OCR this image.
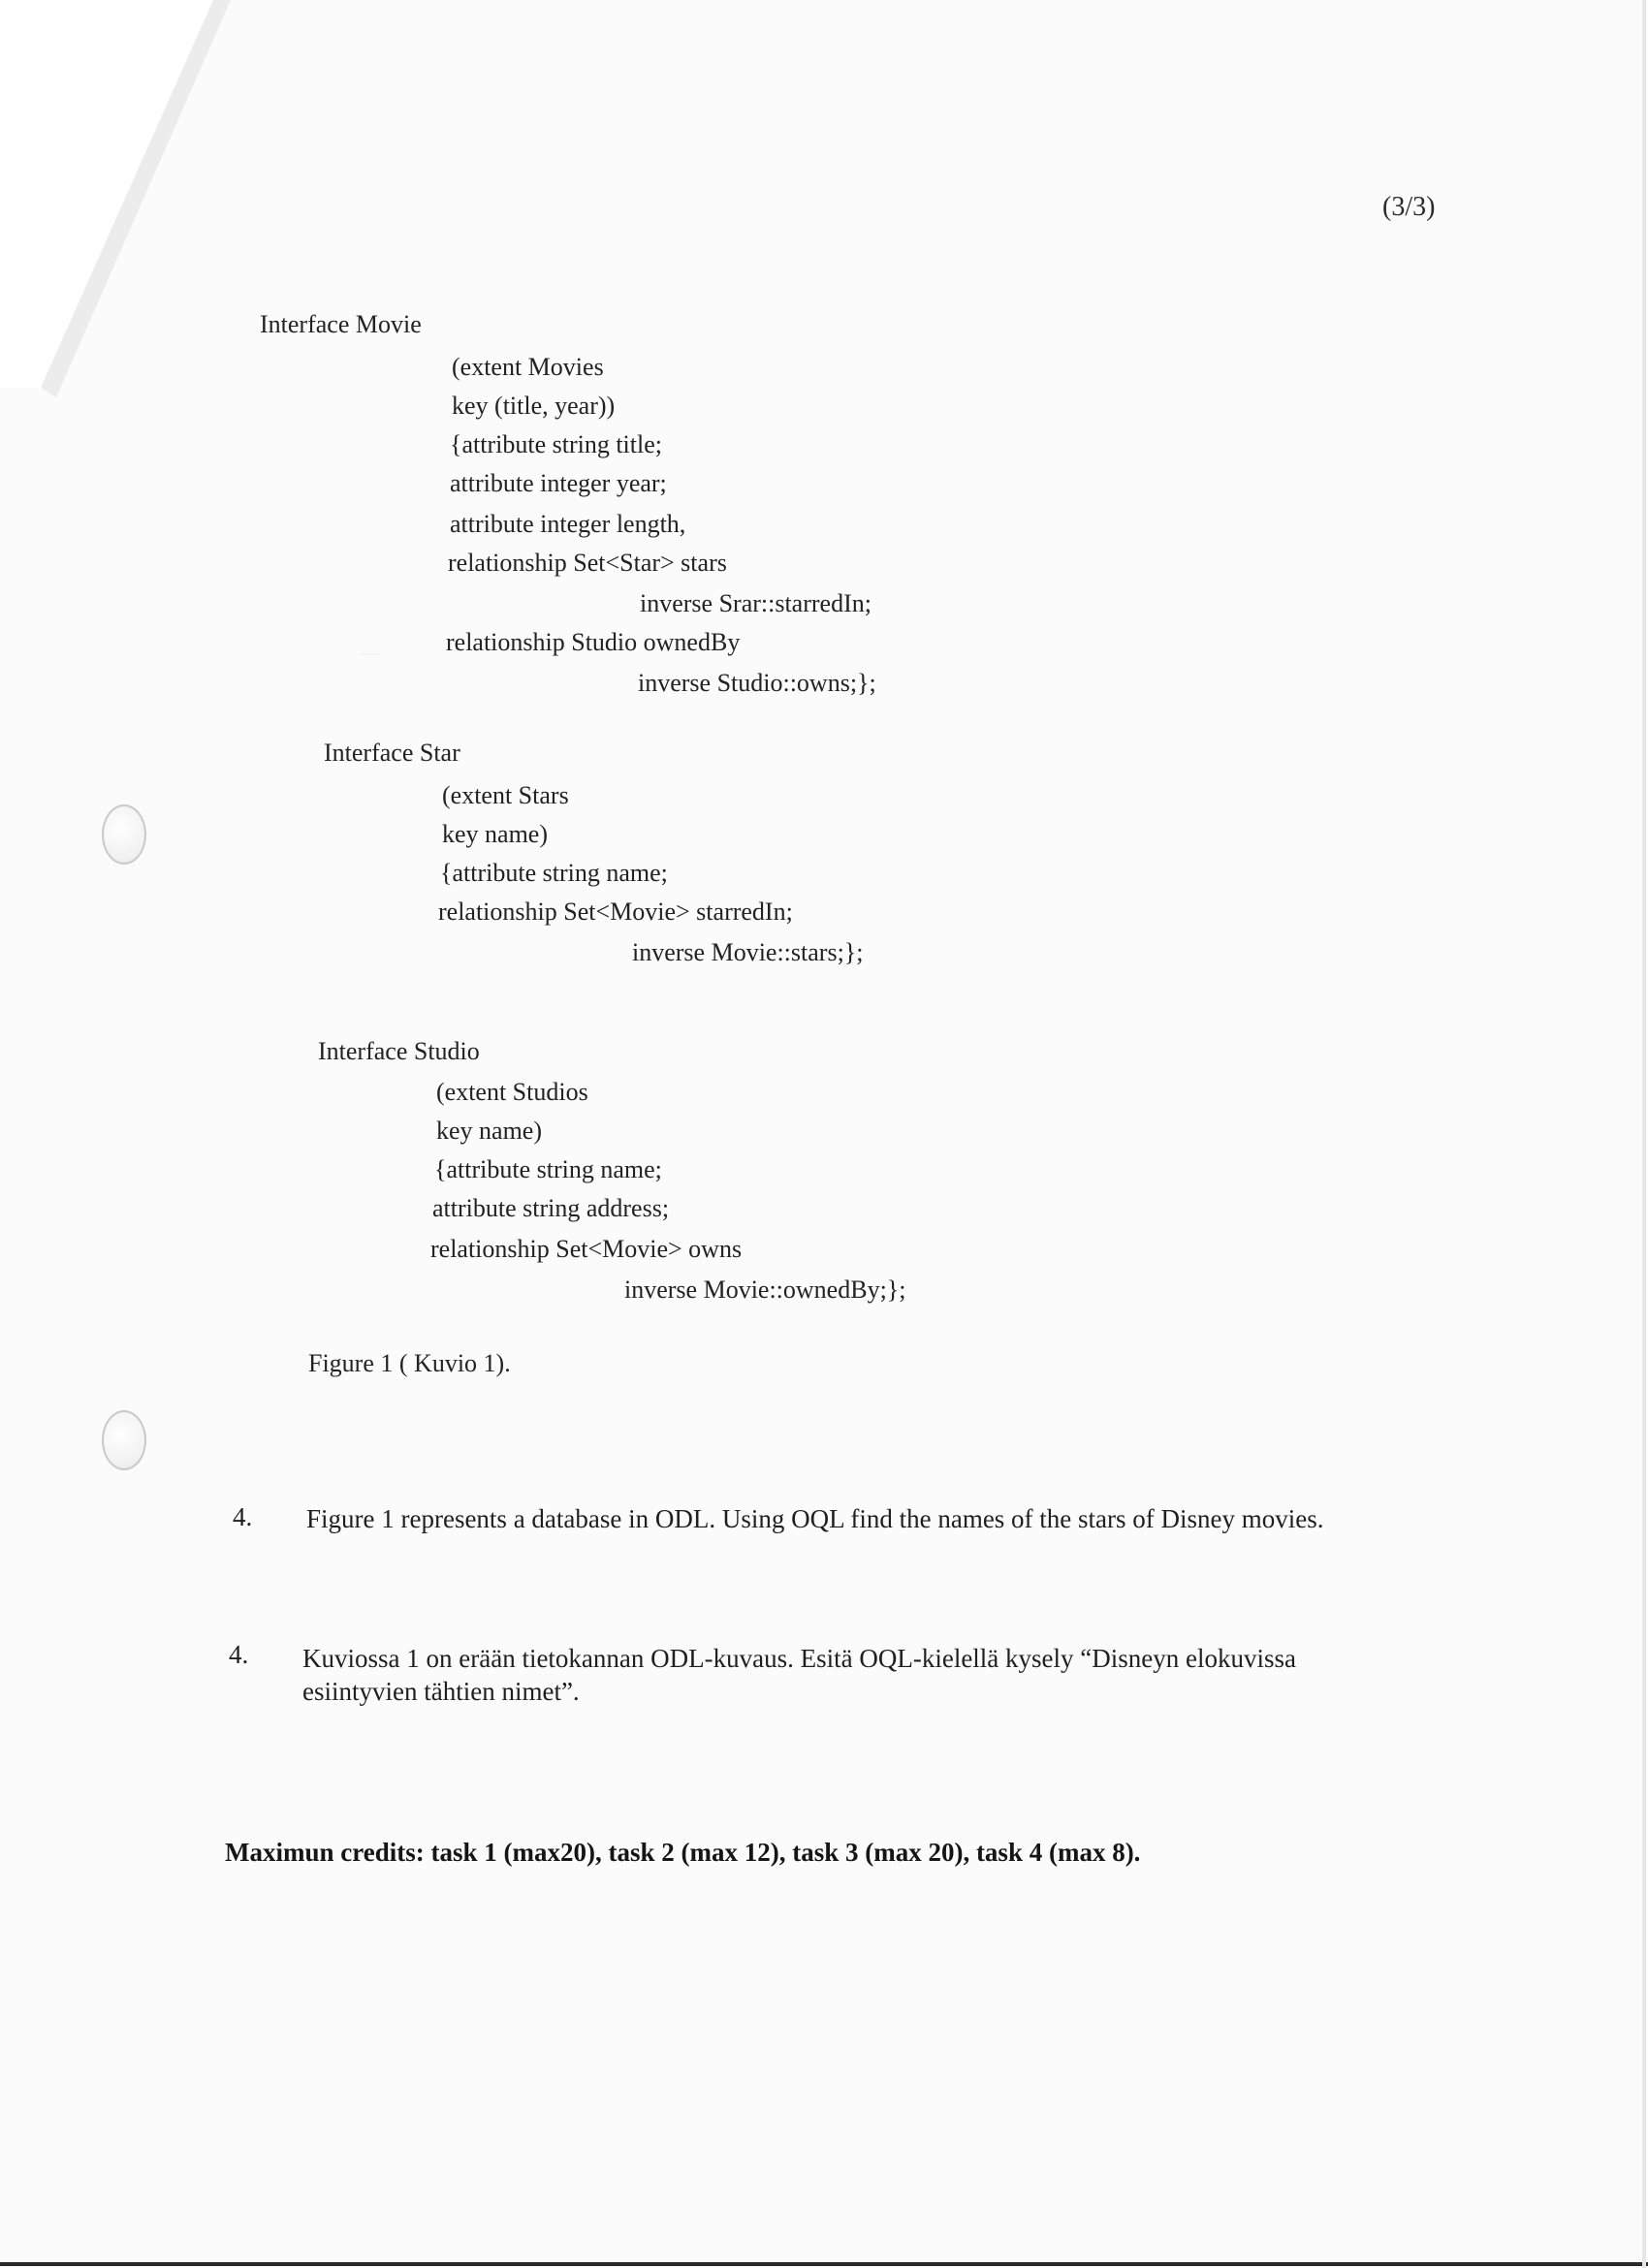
—
(3/3)
Interface Movie
(extent Movies
key (title, year))
{attribute string title;
attribute integer year;
attribute integer length,
relationship Set<Star> stars
inverse Srar::starredIn;
relationship Studio ownedBy
inverse Studio::owns;};
Interface Star
(extent Stars
key name)
{attribute string name;
relationship Set<Movie> starredIn;
inverse Movie::stars;};
Interface Studio
(extent Studios
key name)
{attribute string name;
attribute string address;
relationship Set<Movie> owns
inverse Movie::ownedBy;};
Figure 1 ( Kuvio 1).
4. Figure 1 represents a database in ODL. Using OQL find the names of the stars of Disney movies.
4. Kuviossa 1 on erään tietokannan ODL-kuvaus. Esitä OQL-kielellä kysely “Disneyn elokuvissa
esiintyvien tähtien nimet”.
Maximun credits: task 1 (max20), task 2 (max 12), task 3 (max 20), task 4 (max 8).
